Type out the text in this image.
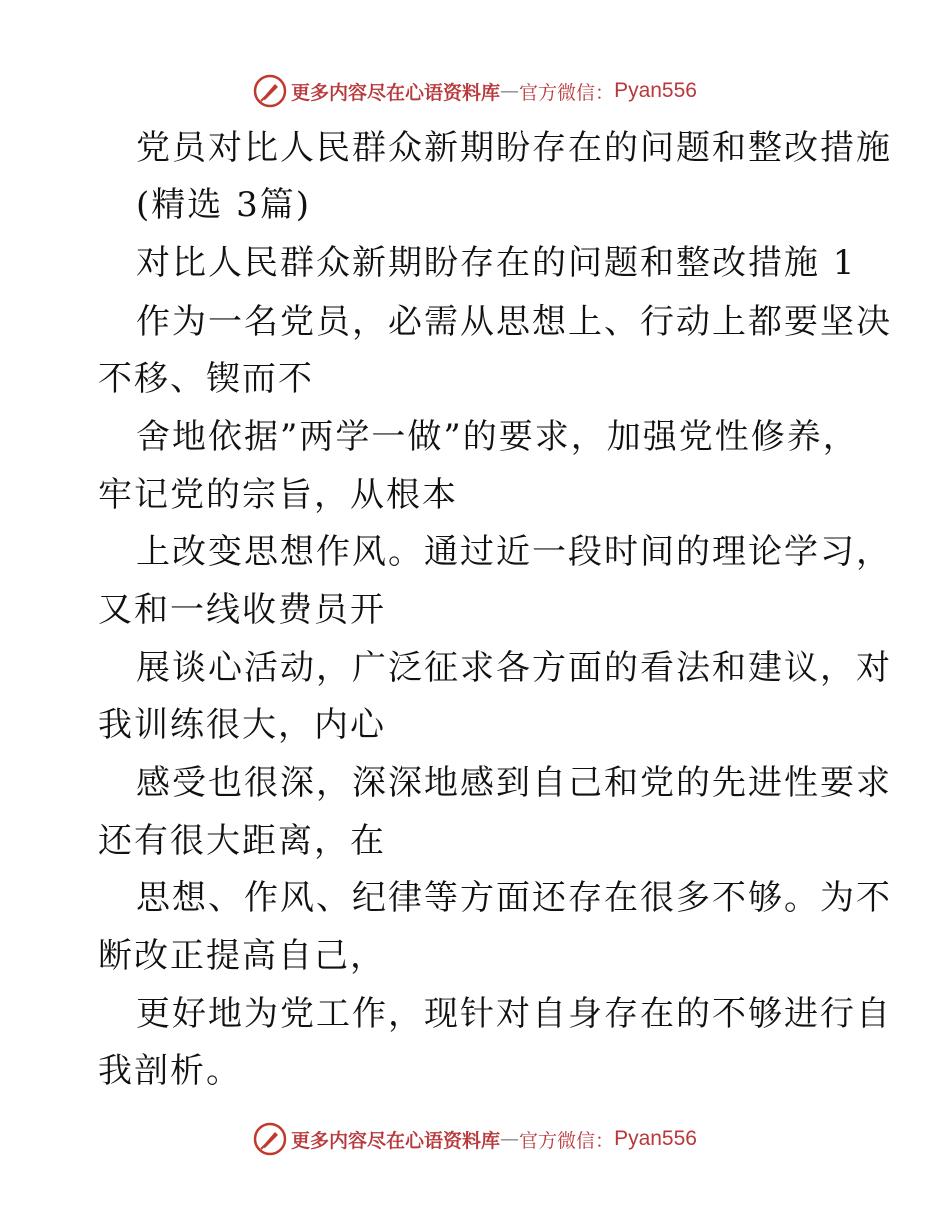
更多内容尽在心语资料库 — 官方微信： Pyan556
党员对比人民群众新期盼存在的问题和整改措施
(精选 3篇)
对比人民群众新期盼存在的问题和整改措施 1
作为一名党员，必需从思想上、行动上都要坚决
不移、锲而不
舍地依据”两学一做”的要求，加强党性修养，
牢记党的宗旨，从根本
上改变思想作风。通过近一段时间的理论学习，
又和一线收费员开
展谈心活动，广泛征求各方面的看法和建议，对
我训练很大，内心
感受也很深，深深地感到自己和党的先进性要求
还有很大距离，在
思想、作风、纪律等方面还存在很多不够。为不
断改正提高自己，
更好地为党工作，现针对自身存在的不够进行自
我剖析。
更多内容尽在心语资料库 — 官方微信： Pyan556
